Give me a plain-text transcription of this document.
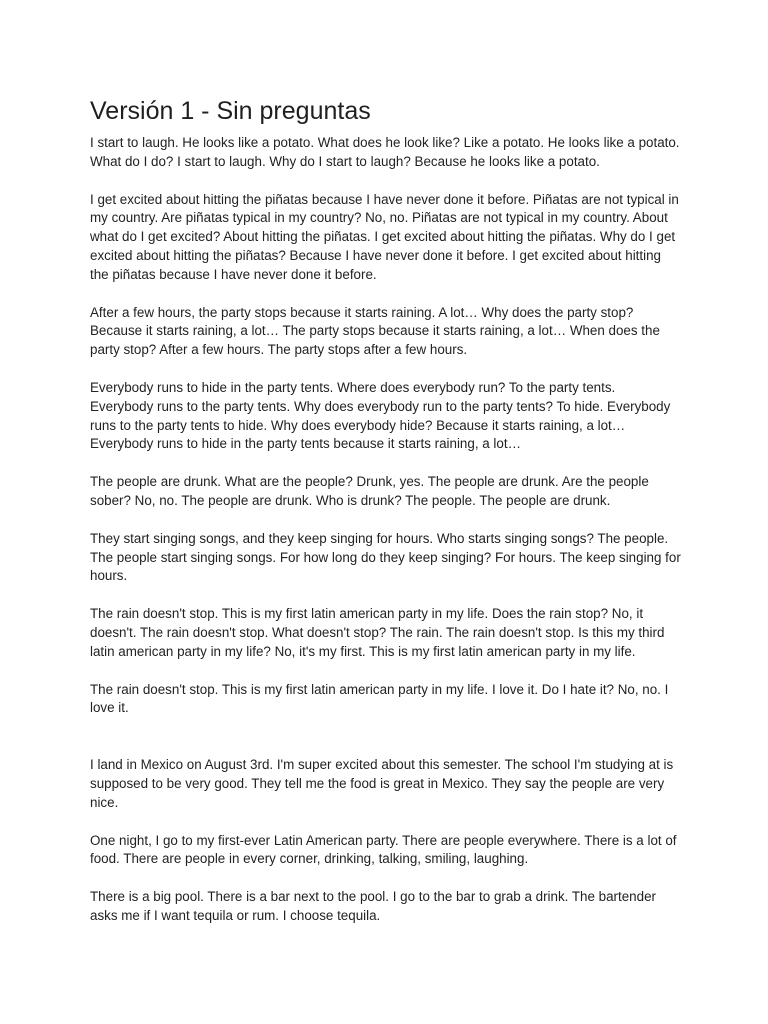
Versión 1 - Sin preguntas

I start to laugh. He looks like a potato. What does he look like? Like a potato. He looks like a potato. What do I do? I start to laugh. Why do I start to laugh? Because he looks like a potato.

I get excited about hitting the piñatas because I have never done it before. Piñatas are not typical in my country. Are piñatas typical in my country? No, no. Piñatas are not typical in my country. About what do I get excited? About hitting the piñatas. I get excited about hitting the piñatas. Why do I get excited about hitting the piñatas? Because I have never done it before. I get excited about hitting the piñatas because I have never done it before.

After a few hours, the party stops because it starts raining. A lot… Why does the party stop? Because it starts raining, a lot… The party stops because it starts raining, a lot… When does the party stop? After a few hours. The party stops after a few hours.

Everybody runs to hide in the party tents. Where does everybody run? To the party tents. Everybody runs to the party tents. Why does everybody run to the party tents? To hide. Everybody runs to the party tents to hide. Why does everybody hide? Because it starts raining, a lot… Everybody runs to hide in the party tents because it starts raining, a lot…

The people are drunk. What are the people? Drunk, yes. The people are drunk. Are the people sober? No, no. The people are drunk. Who is drunk? The people. The people are drunk.

They start singing songs, and they keep singing for hours. Who starts singing songs? The people. The people start singing songs. For how long do they keep singing? For hours. The keep singing for hours.

The rain doesn't stop. This is my first latin american party in my life. Does the rain stop? No, it doesn't. The rain doesn't stop. What doesn't stop? The rain. The rain doesn't stop. Is this my third latin american party in my life? No, it's my first. This is my first latin american party in my life.

The rain doesn't stop. This is my first latin american party in my life. I love it. Do I hate it? No, no. I love it.

I land in Mexico on August 3rd. I'm super excited about this semester. The school I'm studying at is supposed to be very good. They tell me the food is great in Mexico. They say the people are very nice.

One night, I go to my first-ever Latin American party. There are people everywhere. There is a lot of food. There are people in every corner, drinking, talking, smiling, laughing.

There is a big pool. There is a bar next to the pool. I go to the bar to grab a drink. The bartender asks me if I want tequila or rum. I choose tequila.
